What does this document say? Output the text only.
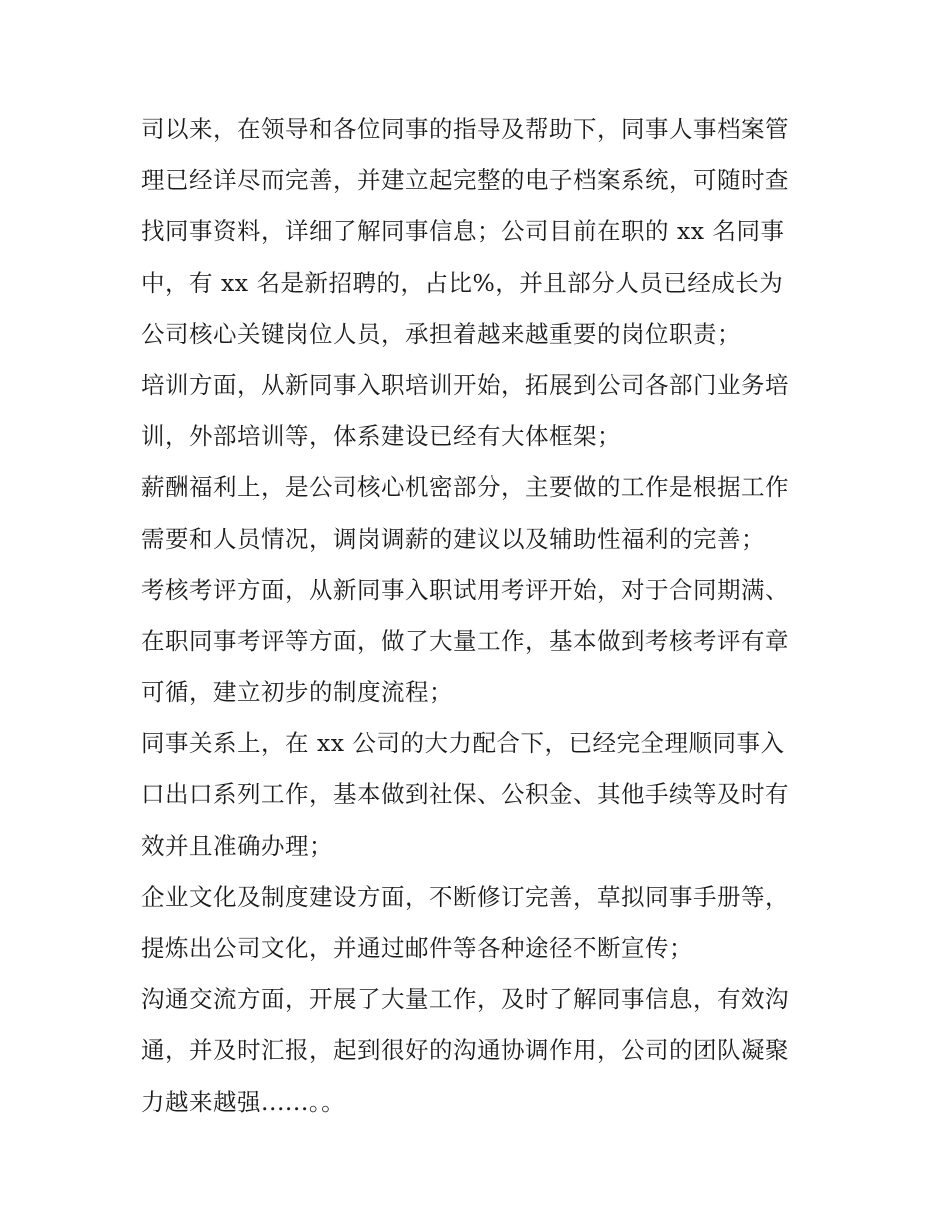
司以来，在领导和各位同事的指导及帮助下，同事人事档案管
理已经详尽而完善，并建立起完整的电子档案系统，可随时查
找同事资料，详细了解同事信息；公司目前在职的 xx 名同事
中，有 xx 名是新招聘的，占比%，并且部分人员已经成长为
公司核心关键岗位人员，承担着越来越重要的岗位职责；
培训方面，从新同事入职培训开始，拓展到公司各部门业务培
训，外部培训等，体系建设已经有大体框架；
薪酬福利上，是公司核心机密部分，主要做的工作是根据工作
需要和人员情况，调岗调薪的建议以及辅助性福利的完善；
考核考评方面，从新同事入职试用考评开始，对于合同期满、
在职同事考评等方面，做了大量工作，基本做到考核考评有章
可循，建立初步的制度流程；
同事关系上，在 xx 公司的大力配合下，已经完全理顺同事入
口出口系列工作，基本做到社保、公积金、其他手续等及时有
效并且准确办理；
企业文化及制度建设方面，不断修订完善，草拟同事手册等，
提炼出公司文化，并通过邮件等各种途径不断宣传；
沟通交流方面，开展了大量工作，及时了解同事信息，有效沟
通，并及时汇报，起到很好的沟通协调作用，公司的团队凝聚
力越来越强......。。
